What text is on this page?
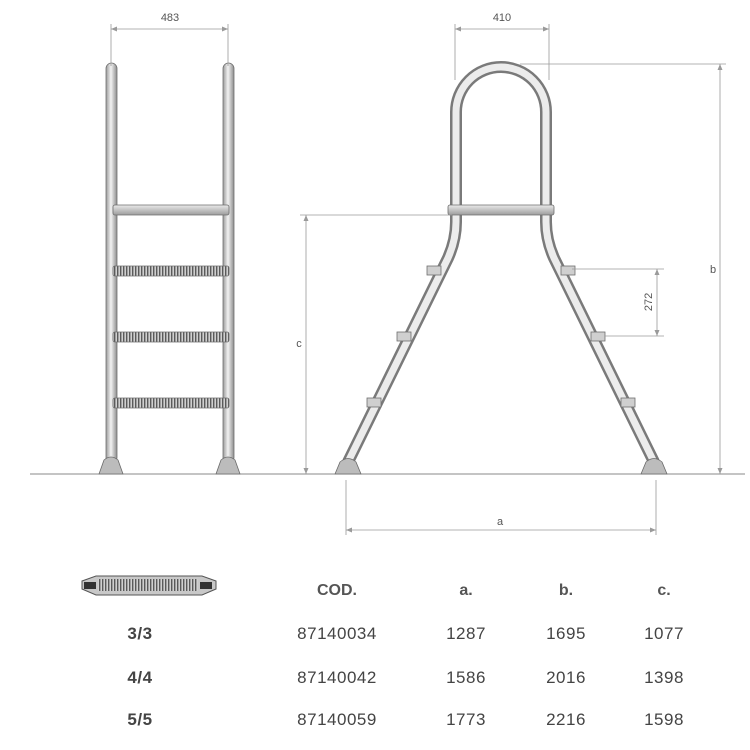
483	410
b
c
272
a
COD.	a.	b.	c.
3/3	87140034	1287	1695	1077
4/4	87140042	1586	2016	1398
5/5	87140059	1773	2216	1598
